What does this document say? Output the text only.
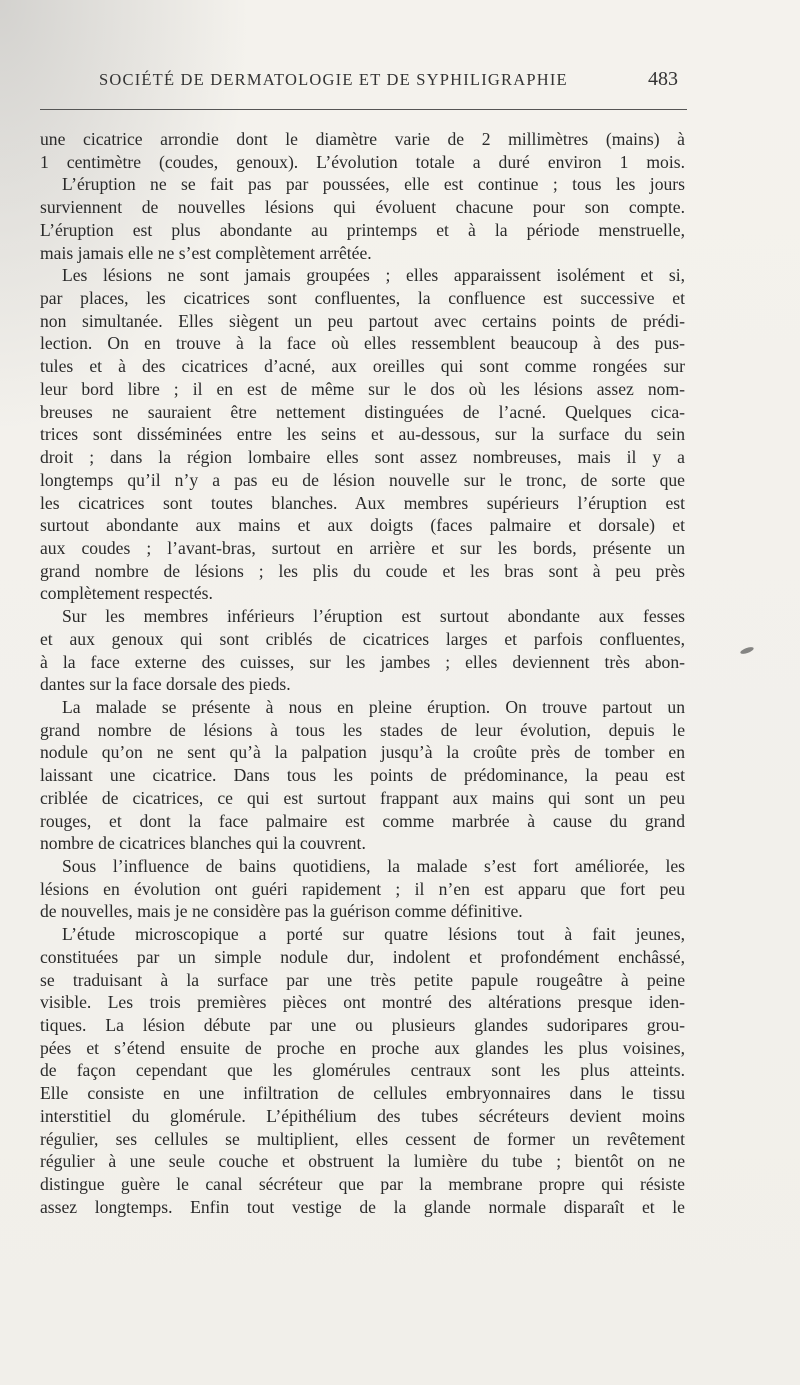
SOCIÉTÉ DE DERMATOLOGIE ET DE SYPHILIGRAPHIE	483
une cicatrice arrondie dont le diamètre varie de 2 millimètres (mains) à
1 centimètre (coudes, genoux). L’évolution totale a duré environ 1 mois.
L’éruption ne se fait pas par poussées, elle est continue ; tous les jours
surviennent de nouvelles lésions qui évoluent chacune pour son compte.
L’éruption est plus abondante au printemps et à la période menstruelle,
mais jamais elle ne s’est complètement arrêtée.
Les lésions ne sont jamais groupées ; elles apparaissent isolément et si,
par places, les cicatrices sont confluentes, la confluence est successive et
non simultanée. Elles siègent un peu partout avec certains points de prédi-
lection. On en trouve à la face où elles ressemblent beaucoup à des pus-
tules et à des cicatrices d’acné, aux oreilles qui sont comme rongées sur
leur bord libre ; il en est de même sur le dos où les lésions assez nom-
breuses ne sauraient être nettement distinguées de l’acné. Quelques cica-
trices sont disséminées entre les seins et au-dessous, sur la surface du sein
droit ; dans la région lombaire elles sont assez nombreuses, mais il y a
longtemps qu’il n’y a pas eu de lésion nouvelle sur le tronc, de sorte que
les cicatrices sont toutes blanches. Aux membres supérieurs l’éruption est
surtout abondante aux mains et aux doigts (faces palmaire et dorsale) et
aux coudes ; l’avant-bras, surtout en arrière et sur les bords, présente un
grand nombre de lésions ; les plis du coude et les bras sont à peu près
complètement respectés.
Sur les membres inférieurs l’éruption est surtout abondante aux fesses
et aux genoux qui sont criblés de cicatrices larges et parfois confluentes,
à la face externe des cuisses, sur les jambes ; elles deviennent très abon-
dantes sur la face dorsale des pieds.
La malade se présente à nous en pleine éruption. On trouve partout un
grand nombre de lésions à tous les stades de leur évolution, depuis le
nodule qu’on ne sent qu’à la palpation jusqu’à la croûte près de tomber en
laissant une cicatrice. Dans tous les points de prédominance, la peau est
criblée de cicatrices, ce qui est surtout frappant aux mains qui sont un peu
rouges, et dont la face palmaire est comme marbrée à cause du grand
nombre de cicatrices blanches qui la couvrent.
Sous l’influence de bains quotidiens, la malade s’est fort améliorée, les
lésions en évolution ont guéri rapidement ; il n’en est apparu que fort peu
de nouvelles, mais je ne considère pas la guérison comme définitive.
L’étude microscopique a porté sur quatre lésions tout à fait jeunes,
constituées par un simple nodule dur, indolent et profondément enchâssé,
se traduisant à la surface par une très petite papule rougeâtre à peine
visible. Les trois premières pièces ont montré des altérations presque iden-
tiques. La lésion débute par une ou plusieurs glandes sudoripares grou-
pées et s’étend ensuite de proche en proche aux glandes les plus voisines,
de façon cependant que les glomérules centraux sont les plus atteints.
Elle consiste en une infiltration de cellules embryonnaires dans le tissu
interstitiel du glomérule. L’épithélium des tubes sécréteurs devient moins
régulier, ses cellules se multiplient, elles cessent de former un revêtement
régulier à une seule couche et obstruent la lumière du tube ; bientôt on ne
distingue guère le canal sécréteur que par la membrane propre qui résiste
assez longtemps. Enfin tout vestige de la glande normale disparaît et le
